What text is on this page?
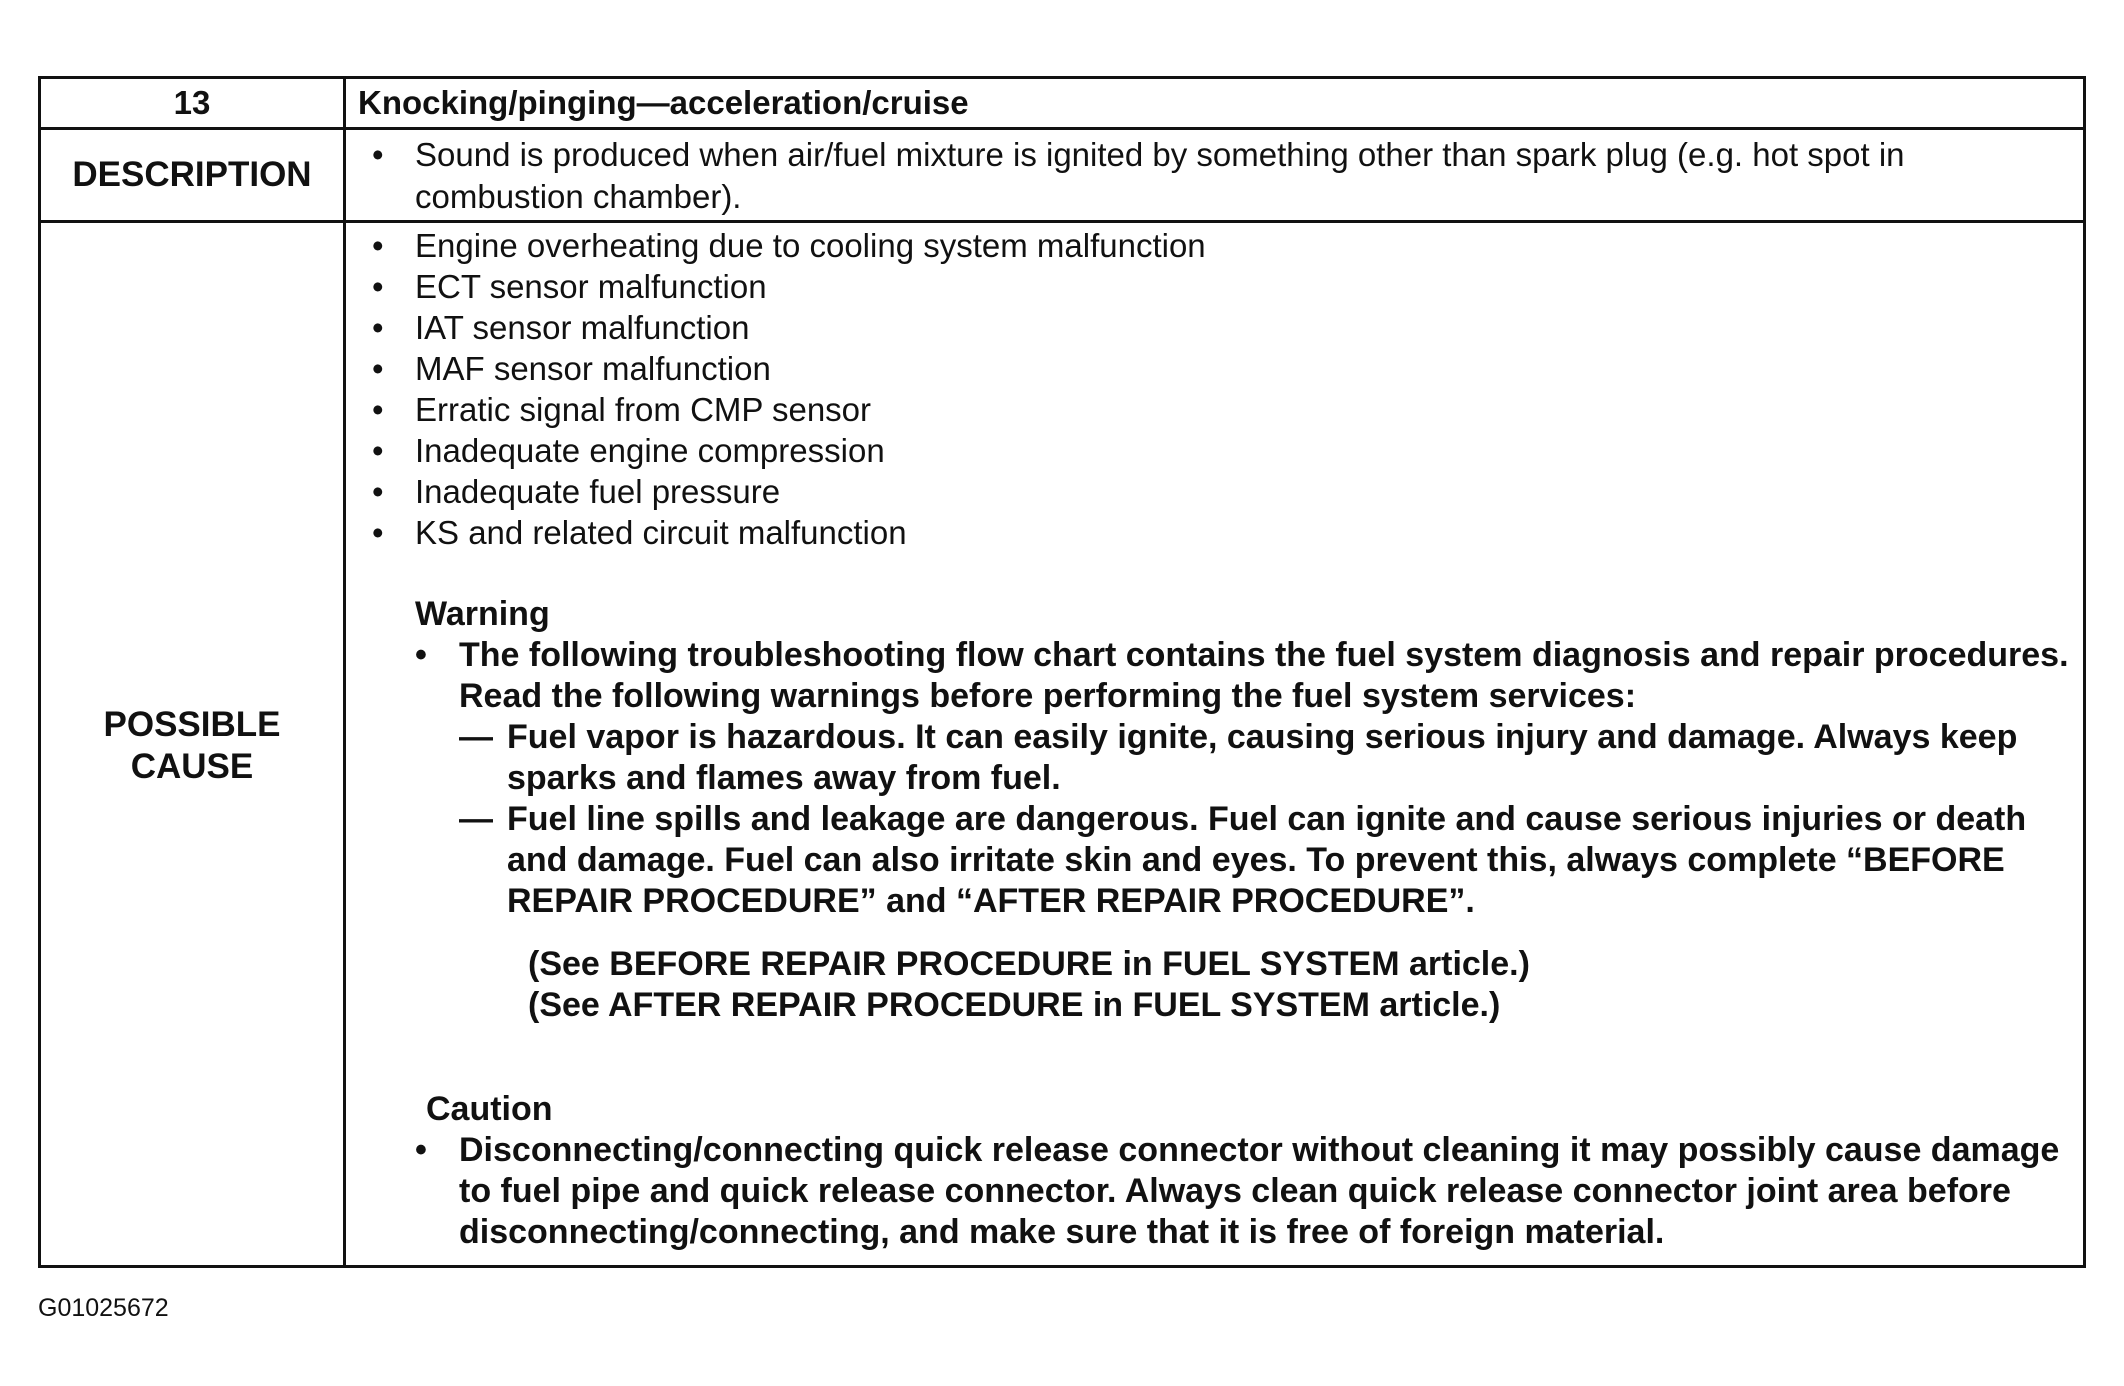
13	Knocking/pinging—acceleration/cruise
DESCRIPTION
• Sound is produced when air/fuel mixture is ignited by something other than spark plug (e.g. hot spot in combustion chamber).
POSSIBLE
CAUSE
• Engine overheating due to cooling system malfunction
• ECT sensor malfunction
• IAT sensor malfunction
• MAF sensor malfunction
• Erratic signal from CMP sensor
• Inadequate engine compression
• Inadequate fuel pressure
• KS and related circuit malfunction
Warning
• The following troubleshooting flow chart contains the fuel system diagnosis and repair procedures. Read the following warnings before performing the fuel system services:
— Fuel vapor is hazardous. It can easily ignite, causing serious injury and damage. Always keep sparks and flames away from fuel.
— Fuel line spills and leakage are dangerous. Fuel can ignite and cause serious injuries or death and damage. Fuel can also irritate skin and eyes. To prevent this, always complete “BEFORE REPAIR PROCEDURE” and “AFTER REPAIR PROCEDURE”.
(See BEFORE REPAIR PROCEDURE in FUEL SYSTEM article.)
(See AFTER REPAIR PROCEDURE in FUEL SYSTEM article.)
Caution
• Disconnecting/connecting quick release connector without cleaning it may possibly cause damage to fuel pipe and quick release connector. Always clean quick release connector joint area before disconnecting/connecting, and make sure that it is free of foreign material.
G01025672
